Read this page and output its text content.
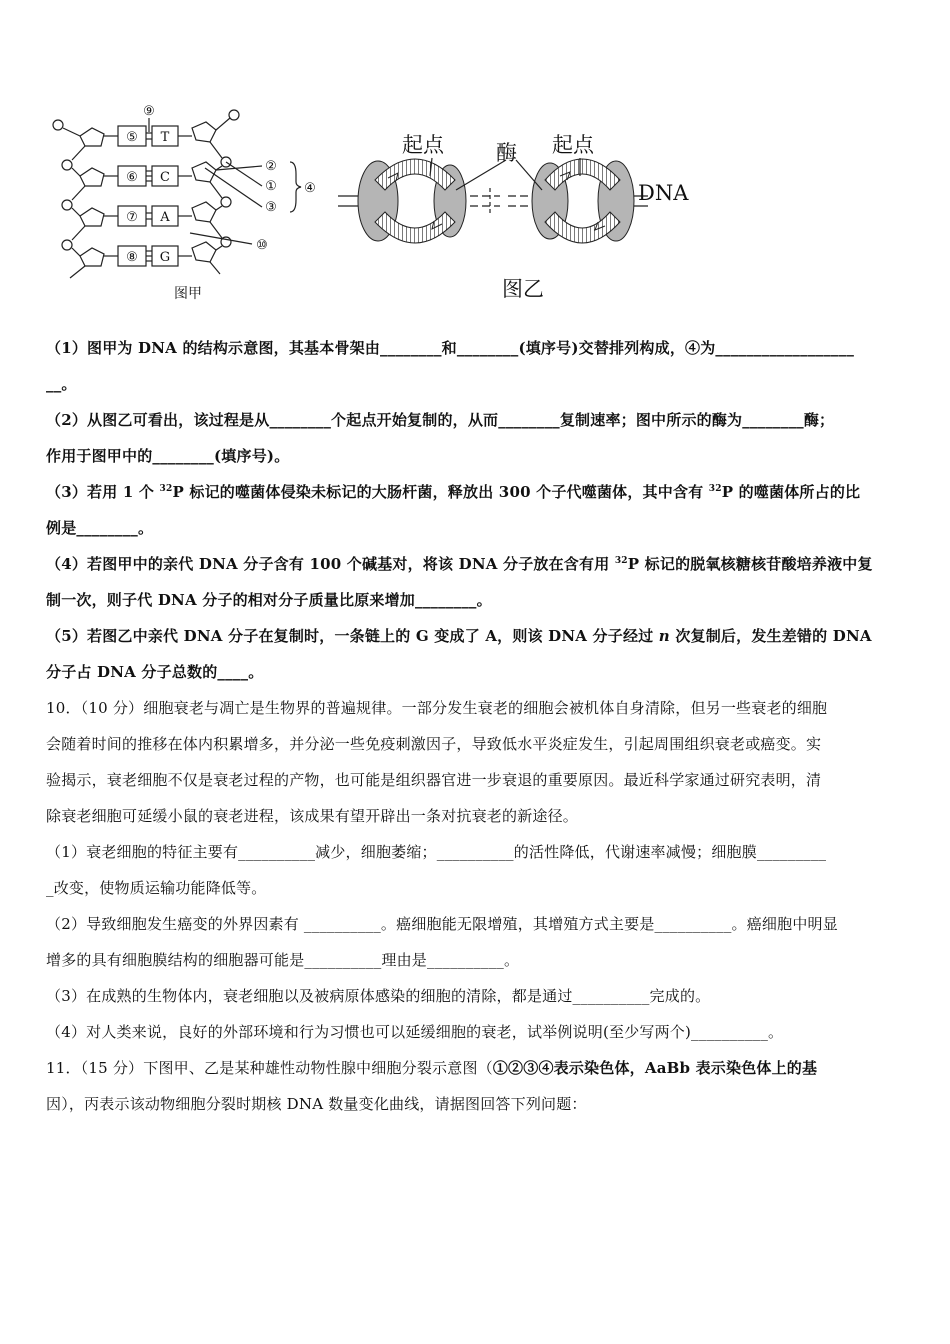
⑤
⑥
⑦
⑧
T
C
A
G
⑨
②
①
③
④
⑩
图甲
起点 酶 起点
DNA
图乙
（1）图甲为 DNA 的结构示意图，其基本骨架由________和________(填序号)交替排列构成，④为__________________
__。
（2）从图乙可看出，该过程是从________个起点开始复制的，从而________复制速率；图中所示的酶为________酶；
作用于图甲中的________(填序号)。
（3）若用 1 个 $^{32}$P 标记的噬菌体侵染未标记的大肠杆菌，释放出 300 个子代噬菌体，其中含有 $^{32}$P 的噬菌体所占的比
例是________。
（4）若图甲中的亲代 DNA 分子含有 100 个碱基对，将该 DNA 分子放在含有用 $^{32}$P 标记的脱氧核糖核苷酸培养液中复
制一次，则子代 DNA 分子的相对分子质量比原来增加________。
（5）若图乙中亲代 DNA 分子在复制时，一条链上的 G 变成了 A，则该 DNA 分子经过 n 次复制后，发生差错的 DNA
分子占 DNA 分子总数的____。
10．（10 分）细胞衰老与凋亡是生物界的普遍规律。一部分发生衰老的细胞会被机体自身清除，但另一些衰老的细胞
会随着时间的推移在体内积累增多，并分泌一些免疫刺激因子，导致低水平炎症发生，引起周围组织衰老或癌变。实
验揭示，衰老细胞不仅是衰老过程的产物，也可能是组织器官进一步衰退的重要原因。最近科学家通过研究表明，清
除衰老细胞可延缓小鼠的衰老进程，该成果有望开辟出一条对抗衰老的新途径。
（1）衰老细胞的特征主要有__________减少，细胞萎缩；__________的活性降低，代谢速率减慢；细胞膜_________
_改变，使物质运输功能降低等。
（2）导致细胞发生癌变的外界因素有 __________。癌细胞能无限增殖，其增殖方式主要是__________。癌细胞中明显
增多的具有细胞膜结构的细胞器可能是__________理由是__________。
（3）在成熟的生物体内，衰老细胞以及被病原体感染的细胞的清除，都是通过__________完成的。
（4）对人类来说，良好的外部环境和行为习惯也可以延缓细胞的衰老，试举例说明(至少写两个)__________。
11．（15 分）下图甲、乙是某种雄性动物性腺中细胞分裂示意图（①②③④表示染色体，AaBb 表示染色体上的基
因），丙表示该动物细胞分裂时期核 DNA 数量变化曲线，请据图回答下列问题：
